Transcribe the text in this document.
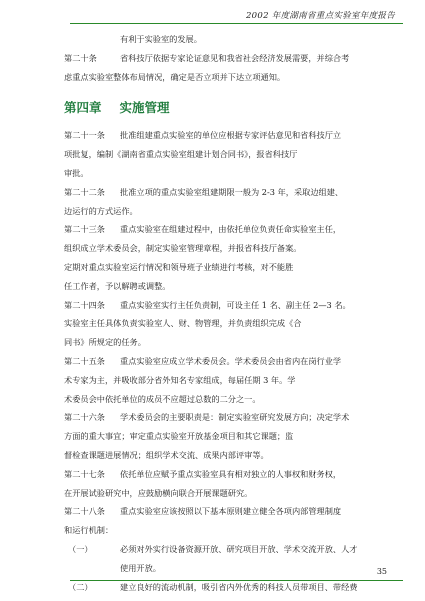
2002 年度湖南省重点实验室年度报告

有利于实验室的发展。

第二十条	省科技厅依据专家论证意见和我省社会经济发展需要，并综合考
虑重点实验室整体布局情况，确定是否立项并下达立项通知。
第四章 实施管理
第二十一条	批准组建重点实验室的单位应根据专家评估意见和省科技厅立
项批复，编制《湖南省重点实验室组建计划合同书》，报省科技厅
审批。
第二十二条	批准立项的重点实验室组建期限一般为 2-3 年，采取边组建、
边运行的方式运作。
第二十三条	重点实验室在组建过程中，由依托单位负责任命实验室主任，
组织成立学术委员会，制定实验室管理章程，并报省科技厅备案。
定期对重点实验室运行情况和领导班子业绩进行考核，对不能胜
任工作者，予以解聘或调整。
第二十四条	重点实验室实行主任负责制，可设主任 1 名、副主任 2—3 名。
实验室主任具体负责实验室人、财、物管理，并负责组织完成《合
同书》所规定的任务。
第二十五条	重点实验室应成立学术委员会。学术委员会由省内在岗行业学
术专家为主，并吸收部分省外知名专家组成，每届任期 3 年。学
术委员会中依托单位的成员不应超过总数的二分之一。
第二十六条	学术委员会的主要职责是：制定实验室研究发展方向；决定学术
方面的重大事宜；审定重点实验室开放基金项目和其它课题；监
督检查课题进展情况；组织学术交流、成果内部评审等。
第二十七条	依托单位应赋予重点实验室具有相对独立的人事权和财务权，
在开展试验研究中，应鼓励横向联合开展课题研究。
第二十八条	重点实验室应该按照以下基本原则建立健全各项内部管理制度
和运行机制：
（一）	必须对外实行设备资源开放、研究项目开放、学术交流开放、人才
使用开放。
（二）	建立良好的流动机制，吸引省内外优秀的科技人员带项目、带经费
35
